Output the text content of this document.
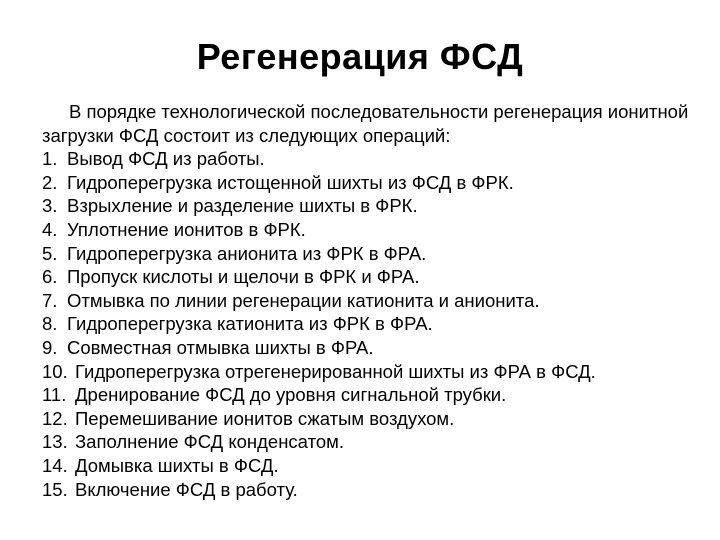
Регенерация ФСД

В порядке технологической последовательности регенерация ионитной загрузки ФСД состоит из следующих операций:

1. Вывод ФСД из работы.
2. Гидроперегрузка истощенной шихты из ФСД в ФРК.
3. Взрыхление и разделение шихты в ФРК.
4. Уплотнение ионитов в ФРК.
5. Гидроперегрузка анионита из ФРК в ФРА.
6. Пропуск кислоты и щелочи в ФРК и ФРА.
7. Отмывка по линии регенерации катионита и анионита.
8. Гидроперегрузка катионита из ФРК в ФРА.
9. Совместная отмывка шихты в ФРА.
10. Гидроперегрузка отрегенерированной шихты из ФРА в ФСД.
11. Дренирование ФСД до уровня сигнальной трубки.
12. Перемешивание ионитов сжатым воздухом.
13. Заполнение ФСД конденсатом.
14. Домывка шихты в ФСД.
15. Включение ФСД в работу.
